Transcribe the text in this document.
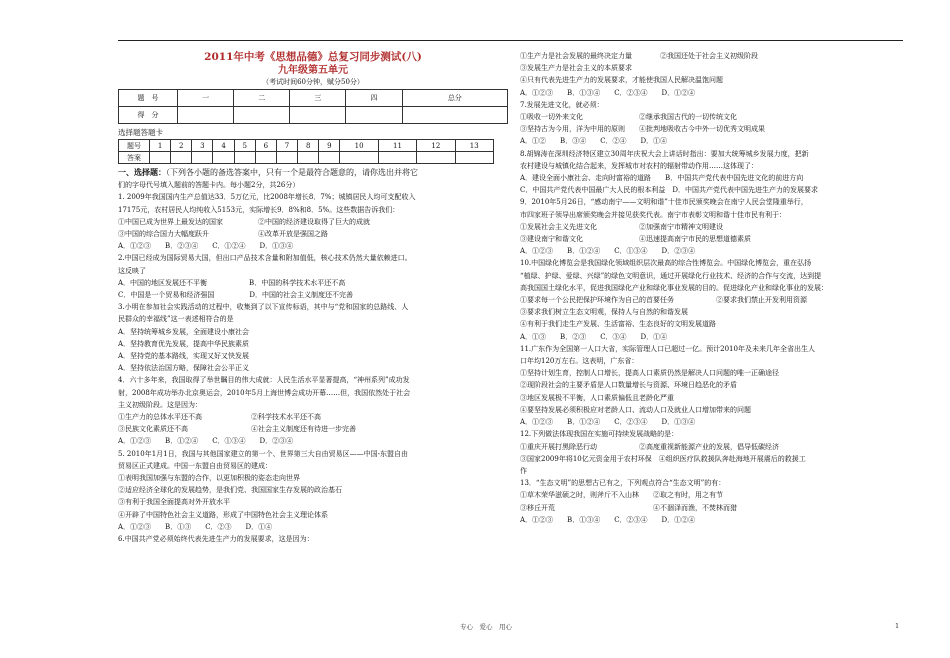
2011年中考《思想品德》总复习同步测试(八)
九年级第五单元
（考试时间60分钟，赋分50分）
题　号	一	二	三	四	总分
得　分					
选择题答题卡
题号	1	2	3	4	5	6	7	8	9	10	11	12	13
答案													
一、选择题：（下列各小题的备选答案中，只有一个是最符合题意的，请你选出并将它
们的字母代号填入题前的答题卡内。每小题2分，共26分）
1. 2009年我国国内生产总值达33．5万亿元，比2008年增长8．7%；城镇居民人均可支配收入
17175元，农村居民人均纯收入5153元，实际增长9．8%和8．5%。这些数据告诉我们：
①中国已成为世界上最发达的国家　　　　　②中国的经济建设取得了巨大的成就
③中国的综合国力大幅度跃升　　　　　　　④改革开放是强国之路
A．①②③　　B．②③④　　C．①②④　　D．①③④
2.中国已经成为国际贸易大国，但出口产品技术含量和附加值低，核心技术仍然大量依赖进口。
这反映了
A．中国的地区发展还不平衡　　　　　　B．中国的科学技术水平还不高
C．中国是一个贸易和经济强国　　　　　D．中国的社会主义制度还不完善
3.小明在参加社会实践活动的过程中，收集到了以下宣传标语，其中与“党和国家的总路线、人
民群众的幸福线”这一表述相符合的是
A．坚持统筹城乡发展，全面建设小康社会
A．坚持教育优先发展，提高中华民族素质
A．坚持党的基本路线，实现又好又快发展
A．坚持依法治国方略，保障社会公平正义
4．六十多年来，我国取得了举世瞩目的伟大成就：人民生活水平显著提高，“神州系列”成功发
射，2008年成功举办北京奥运会，2010年5月上海世博会成功开幕……但，我国依然处于社会
主义初级阶段。这是因为：
①生产力的总体水平还不高　　　　　　　②科学技术水平还不高
③民族文化素质还不高　　　　　　　　　④社会主义制度还有待进一步完善
A．①②③　　B．①②④　　C．①③④　　D．②③④
5. 2010年1月1日，我国与其他国家建立的第一个、世界第三大自由贸易区——中国-东盟自由
贸易区正式建成。中国一东盟自由贸易区的建成：
①表明我国加强与东盟的合作，以更加积极的姿态走向世界
②适应经济全球化的发展趋势，是我们党、我国国家生存发展的政治基石
③有利于我国全面提高对外开放水平
④开辟了中国特色社会主义道路，形成了中国特色社会主义理论体系
A．①②③　　B．①③　　C．②③　　D．①④
6.中国共产党必须始终代表先进生产力的发展要求，这是因为：
①生产力是社会发展的最终决定力量　　　　②我国还处于社会主义初级阶段
③发展生产力是社会主义的本质要求
④只有代表先进生产力的发展要求，才能使我国人民解决温饱问题
A．①②③　　B．①③④　　C．②③④　　D．①②④
7.发展先进文化，就必须：
①吸收一切外来文化　　　　　　　　②继承我国古代的一切传统文化
③坚持古为今用，洋为中用的原则　　④批判地吸收古今中外一切优秀文明成果
A．①②　　B．③④　　C．②④　　D．①④
8.胡锦涛在深圳经济特区建立30周年庆祝大会上讲话时指出：要加大统筹城乡发展力度，把新
农村建设与城镇化结合起来，发挥城市对农村的辐射带动作用……这体现了：
A．建设全面小康社会、走向时富裕的道路　　B．中国共产党代表中国先进文化的前进方向
C．中国共产党代表中国最广大人民的根本利益　D．中国共产党代表中国先进生产力的发展要求
9．2010年5月26日，“感动南宁——文明和谐”十佳市民颁奖晚会在南宁人民会堂隆重举行，
市四家班子领导出席颁奖晚会并接见获奖代表。南宁市表彰文明和谐十佳市民有利于：
①发展社会主义先进文化　　　　　　②加强南宁市精神文明建设
③建设南宁和谐文化　　　　　　　　④迅速提高南宁市民的思想道德素质
A．①②③　　B．①②④　　C．①③④　　D．②③④
10.中国绿化博览会是我国绿化领域组织层次最高的综合性博览会。中国绿化博览会，重在弘扬
“植绿、护绿、爱绿、兴绿”的绿色文明意识，通过开展绿化行业技术、经济的合作与交流，达到提
高我国国土绿化水平，促进我国绿化产业和绿化事业发展的目的。促进绿化产业和绿化事业的发展：
①要求每一个公民把保护环境作为自己的首要任务　　　　　　②要求我们禁止开发利用资源
③要求我们树立生态文明观，保持人与自然的和谐发展
④有利于我们走生产发展、生活富裕、生态良好的文明发展道路
A．①③　　B．②③　　C．③④　　D．①④
11.广东作为全国第一人口大省，实际管理人口已超过一亿。预计2010年及未来几年全省出生人
口年均120万左右。这表明，广东省：
①坚持计划生育，控制人口增长，提高人口素质仍然是解决人口问题的唯一正确途径
②现阶段社会的主要矛盾是人口数量增长与资源、环境日趋恶化的矛盾
③地区发展极不平衡，人口素质偏低且老龄化严重
④要坚持发展必须积极应对老龄人口、流动人口及就业人口增加带来的问题
A．①②③　　B．①②④　　C．②③④　　D．①③④
12.下列做法体现我国在实施可持续发展战略的是：
①重庆开展打黑除恶行动　　　　　　②高度重视新能源产业的发展，倡导低碳经济
③国家2009年将10亿元资金用于农村环保　④组织医疗队救援队奔赴海地开展震后的救援工
作
13．“生态文明”的思想古已有之，下列观点符合“生态文明”的有：
①草木荣华滋硕之时，则斧斤不入山林　　②取之有时，用之有节
③移丘开荒　　　　　　　　　　　　　　④不涸泽而渔，不焚林而猎
A．①②③　　B．①③④　　C．②③④　　D．①②④
专心　爱心　用心	1
